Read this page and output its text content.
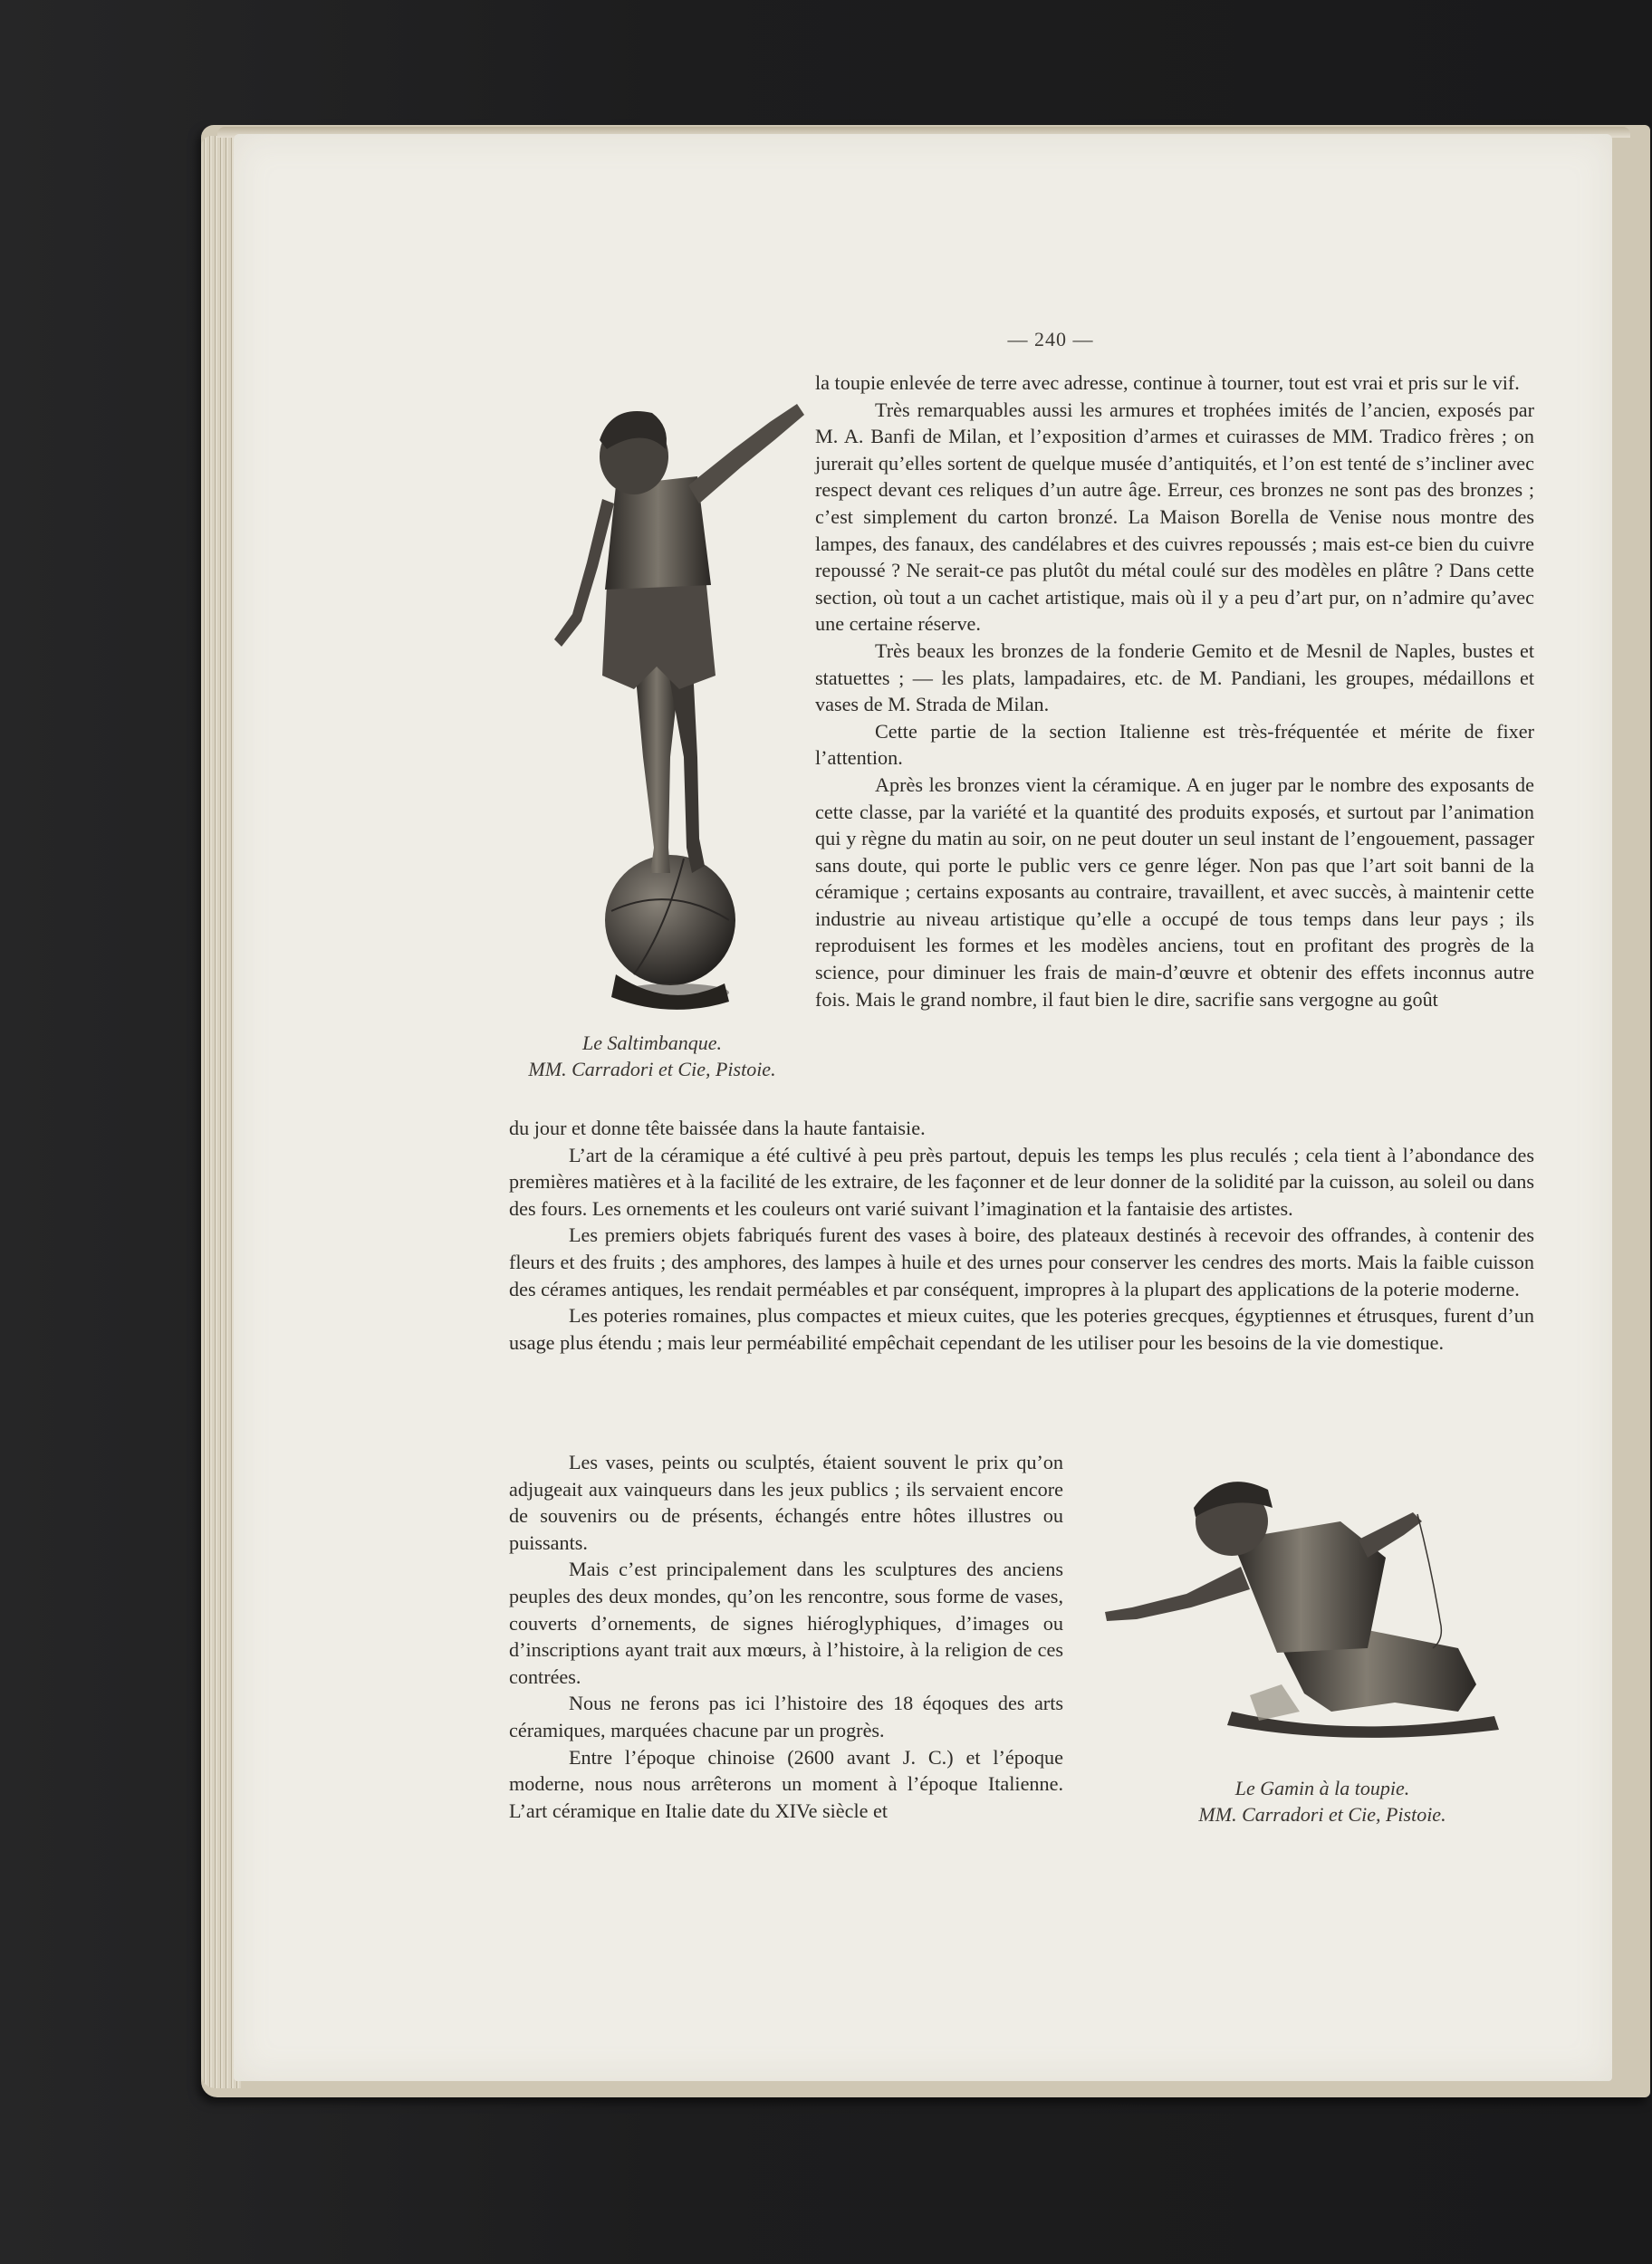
— 240 —
Le Saltimbanque.
MM. Carradori et Cie, Pistoie.

la toupie enlevée de terre avec adresse, continue à tourner, tout est vrai et pris sur le vif.

Très remarquables aussi les armures et trophées imités de l’ancien, exposés par M. A. Banfi de Milan, et l’exposition d’armes et cuirasses de MM. Tradico frères ; on jurerait qu’elles sortent de quelque musée d’antiquités, et l’on est tenté de s’incliner avec respect devant ces reliques d’un autre âge. Erreur, ces bronzes ne sont pas des bronzes ; c’est simplement du carton bronzé. La Maison Borella de Venise nous montre des lampes, des fanaux, des candélabres et des cuivres repoussés ; mais est-ce bien du cuivre repoussé ? Ne serait-ce pas plutôt du métal coulé sur des modèles en plâtre ? Dans cette section, où tout a un cachet artistique, mais où il y a peu d’art pur, on n’admire qu’avec une certaine réserve.

Très beaux les bronzes de la fonderie Gemito et de Mesnil de Naples, bustes et statuettes ; — les plats, lampadaires, etc. de M. Pandiani, les groupes, médaillons et vases de M. Strada de Milan.

Cette partie de la section Italienne est très-fréquentée et mérite de fixer l’attention.

Après les bronzes vient la céramique. A en juger par le nombre des exposants de cette classe, par la variété et la quantité des produits exposés, et surtout par l’animation qui y règne du matin au soir, on ne peut douter un seul instant de l’engouement, passager sans doute, qui porte le public vers ce genre léger. Non pas que l’art soit banni de la céramique ; certains exposants au contraire, travaillent, et avec succès, à maintenir cette industrie au niveau artistique qu’elle a occupé de tous temps dans leur pays ; ils reproduisent les formes et les modèles anciens, tout en profitant des progrès de la science, pour diminuer les frais de main-d’œuvre et obtenir des effets inconnus autre fois. Mais le grand nombre, il faut bien le dire, sacrifie sans vergogne au goût

du jour et donne tête baissée dans la haute fantaisie.

L’art de la céramique a été cultivé à peu près partout, depuis les temps les plus reculés ; cela tient à l’abondance des premières matières et à la facilité de les extraire, de les façonner et de leur donner de la solidité par la cuisson, au soleil ou dans des fours. Les ornements et les couleurs ont varié suivant l’imagination et la fantaisie des artistes.

Les premiers objets fabriqués furent des vases à boire, des plateaux destinés à recevoir des offrandes, à contenir des fleurs et des fruits ; des amphores, des lampes à huile et des urnes pour conserver les cendres des morts. Mais la faible cuisson des cérames antiques, les rendait perméables et par conséquent, impropres à la plupart des applications de la poterie moderne.

Les poteries romaines, plus compactes et mieux cuites, que les poteries grecques, égyptiennes et étrusques, furent d’un usage plus étendu ; mais leur perméabilité empêchait cependant de les utiliser pour les besoins de la vie domestique.

Les vases, peints ou sculptés, étaient souvent le prix qu’on adjugeait aux vainqueurs dans les jeux publics ; ils servaient encore de souvenirs ou de présents, échangés entre hôtes illustres ou puissants.

Mais c’est principalement dans les sculptures des anciens peuples des deux mondes, qu’on les rencontre, sous forme de vases, couverts d’ornements, de signes hiéroglyphiques, d’images ou d’inscriptions ayant trait aux mœurs, à l’histoire, à la religion de ces contrées.

Nous ne ferons pas ici l’histoire des 18 éqoques des arts céramiques, marquées chacune par un progrès.

Entre l’époque chinoise (2600 avant J. C.) et l’époque moderne, nous nous arrêterons un moment à l’époque Italienne. L’art céramique en Italie date du XIVe siècle et

Le Gamin à la toupie.
MM. Carradori et Cie, Pistoie.
